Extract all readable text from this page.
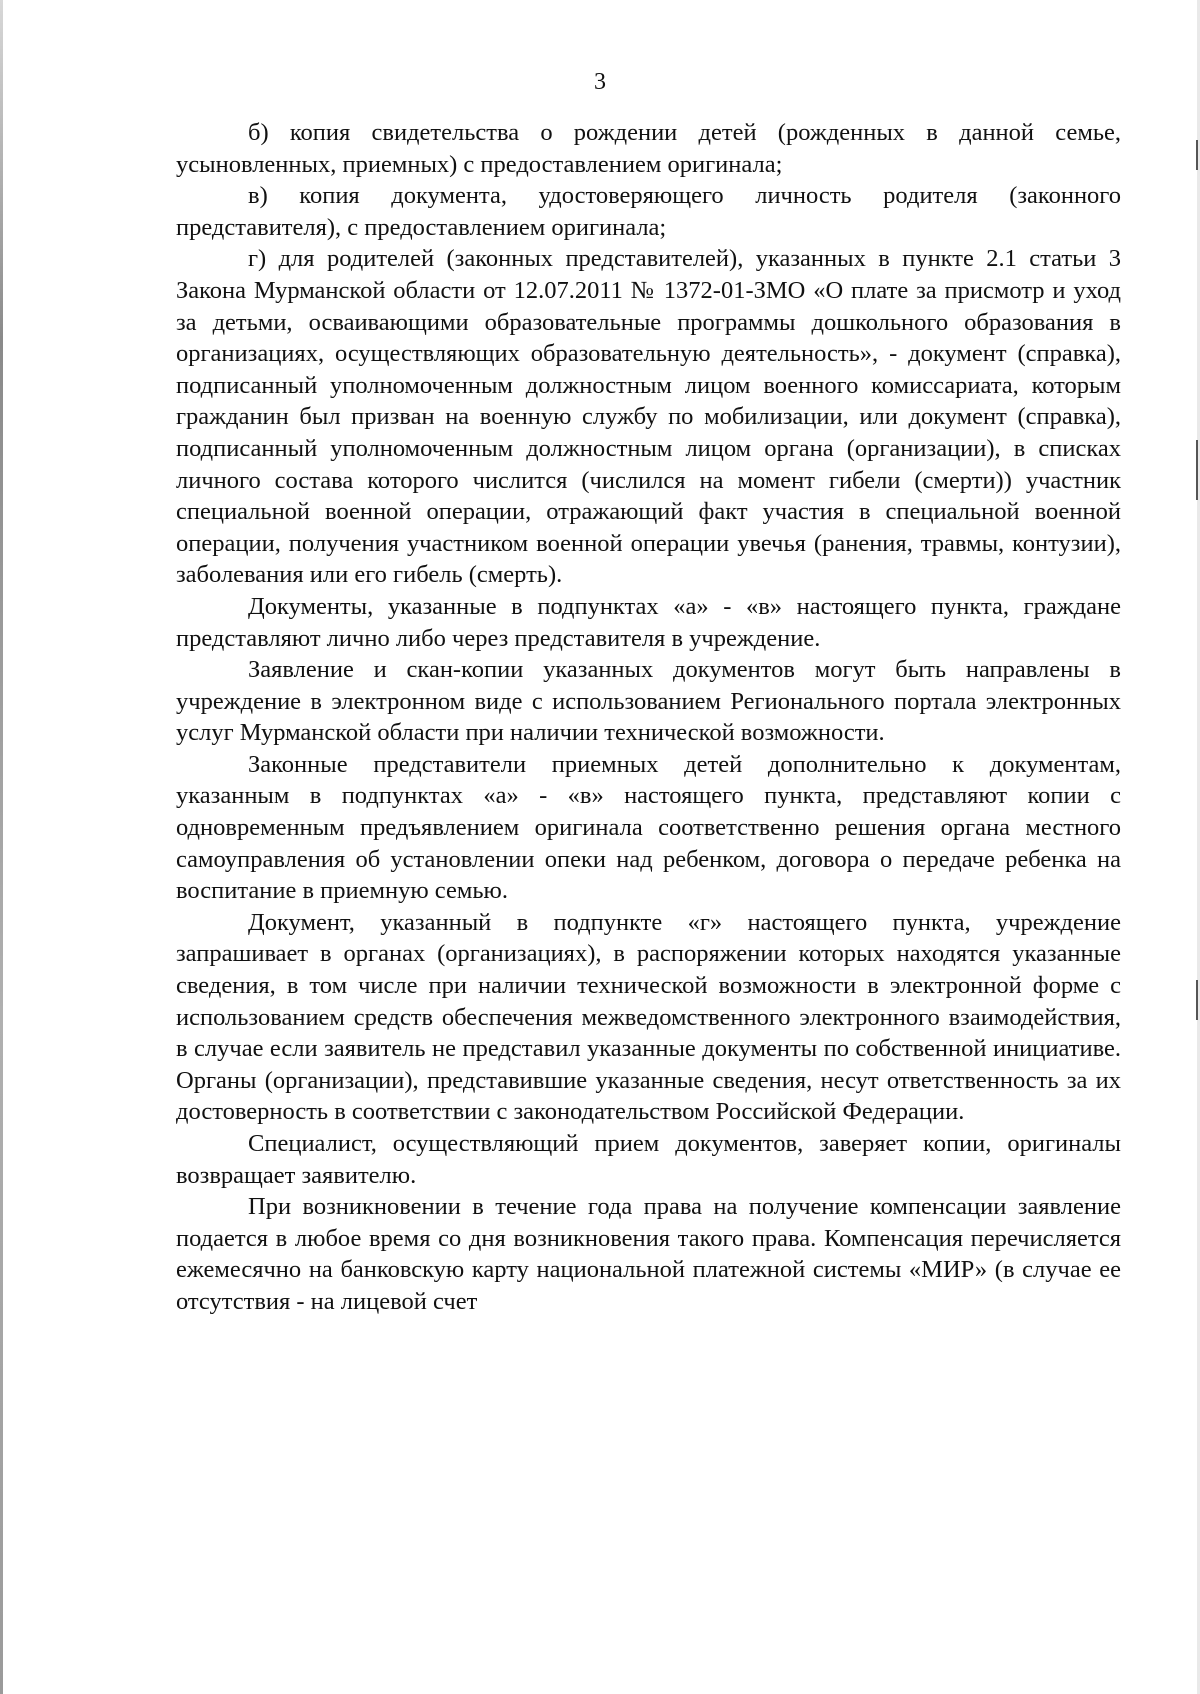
3

б) копия свидетельства о рождении детей (рожденных в данной семье, усыновленных, приемных) с предоставлением оригинала;

в) копия документа, удостоверяющего личность родителя (законного представителя), с предоставлением оригинала;

г) для родителей (законных представителей), указанных в пункте 2.1 статьи 3 Закона Мурманской области от 12.07.2011 № 1372-01-ЗМО «О плате за присмотр и уход за детьми, осваивающими образовательные программы дошкольного образования в организациях, осуществляющих образовательную деятельность», - документ (справка), подписанный уполномоченным должностным лицом военного комиссариата, которым гражданин был призван на военную службу по мобилизации, или документ (справка), подписанный уполномоченным должностным лицом органа (организации), в списках личного состава которого числится (числился на момент гибели (смерти)) участник специальной военной операции, отражающий факт участия в специальной военной операции, получения участником военной операции увечья (ранения, травмы, контузии), заболевания или его гибель (смерть).

Документы, указанные в подпунктах «а» - «в» настоящего пункта, граждане представляют лично либо через представителя в учреждение.

Заявление и скан-копии указанных документов могут быть направлены в учреждение в электронном виде с использованием Регионального портала электронных услуг Мурманской области при наличии технической возможности.

Законные представители приемных детей дополнительно к документам, указанным в подпунктах «а» - «в» настоящего пункта, представляют копии с одновременным предъявлением оригинала соответственно решения органа местного самоуправления об установлении опеки над ребенком, договора о передаче ребенка на воспитание в приемную семью.

Документ, указанный в подпункте «г» настоящего пункта, учреждение запрашивает в органах (организациях), в распоряжении которых находятся указанные сведения, в том числе при наличии технической возможности в электронной форме с использованием средств обеспечения межведомственного электронного взаимодействия, в случае если заявитель не представил указанные документы по собственной инициативе. Органы (организации), представившие указанные сведения, несут ответственность за их достоверность в соответствии с законодательством Российской Федерации.

Специалист, осуществляющий прием документов, заверяет копии, оригиналы возвращает заявителю.

При возникновении в течение года права на получение компенсации заявление подается в любое время со дня возникновения такого права. Компенсация перечисляется ежемесячно на банковскую карту национальной платежной системы «МИР» (в случае ее отсутствия - на лицевой счет
